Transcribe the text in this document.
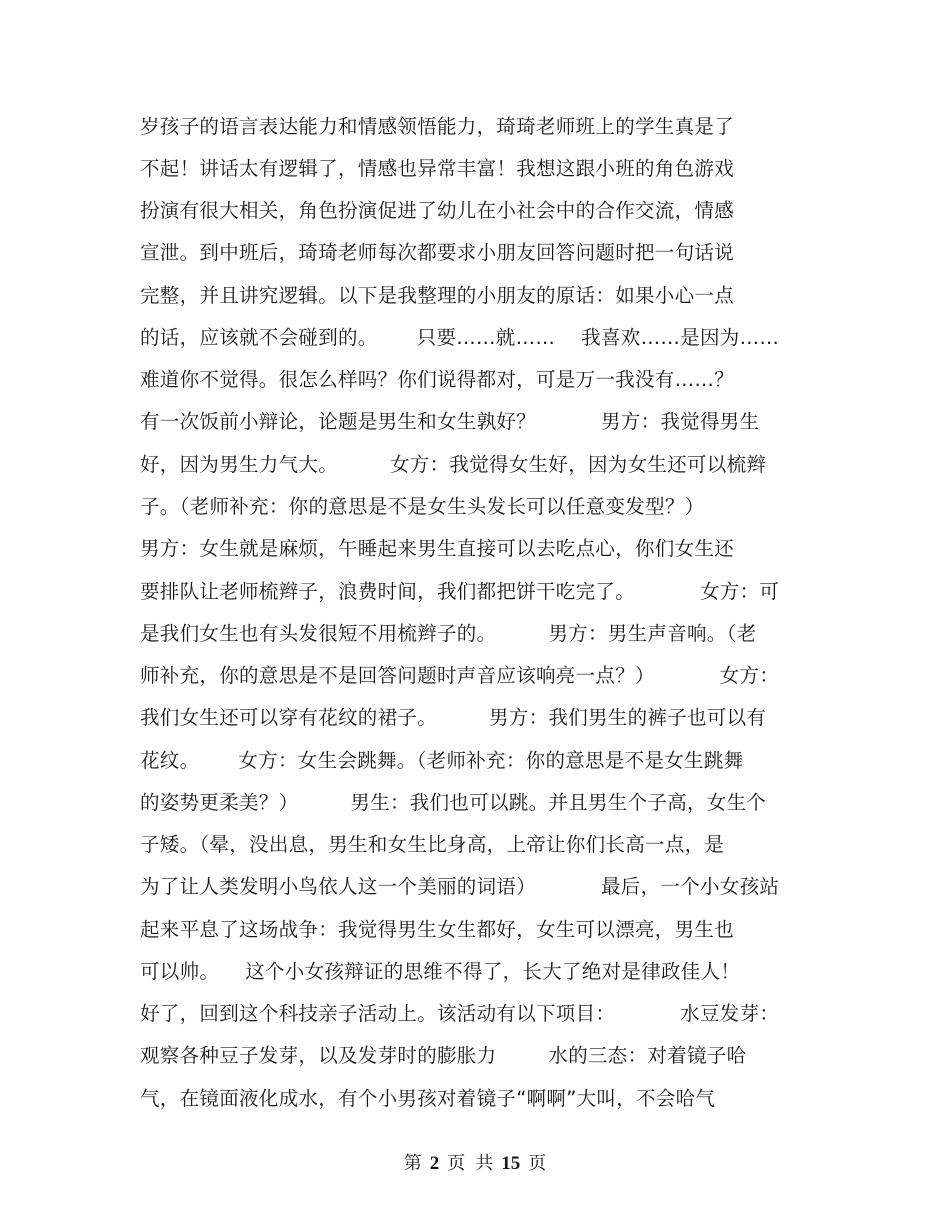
岁孩子的语言表达能力和情感领悟能力，琦琦老师班上的学生真是了
不起！讲话太有逻辑了，情感也异常丰富！我想这跟小班的角色游戏
扮演有很大相关，角色扮演促进了幼儿在小社会中的合作交流，情感
宣泄。到中班后，琦琦老师每次都要求小朋友回答问题时把一句话说
完整，并且讲究逻辑。以下是我整理的小朋友的原话：如果小心一点
的话，应该就不会碰到的。      只要……就……    我喜欢……是因为……
难道你不觉得。很怎么样吗？你们说得都对，可是万一我没有……？
有一次饭前小辩论，论题是男生和女生孰好？          男方：我觉得男生
好，因为男生力气大。        女方：我觉得女生好，因为女生还可以梳辫
子。（老师补充：你的意思是不是女生头发长可以任意变发型？）
男方：女生就是麻烦，午睡起来男生直接可以去吃点心，你们女生还
要排队让老师梳辫子，浪费时间，我们都把饼干吃完了。          女方：可
是我们女生也有头发很短不用梳辫子的。        男方：男生声音响。（老
师补充，你的意思是不是回答问题时声音应该响亮一点？）          女方：
我们女生还可以穿有花纹的裙子。        男方：我们男生的裤子也可以有
花纹。      女方：女生会跳舞。（老师补充：你的意思是不是女生跳舞
的姿势更柔美？）        男生：我们也可以跳。并且男生个子高，女生个
子矮。（晕，没出息，男生和女生比身高，上帝让你们长高一点，是
为了让人类发明小鸟依人这一个美丽的词语）          最后，一个小女孩站
起来平息了这场战争：我觉得男生女生都好，女生可以漂亮，男生也
可以帅。    这个小女孩辩证的思维不得了，长大了绝对是律政佳人！
好了，回到这个科技亲子活动上。该活动有以下项目：          水豆发芽：
观察各种豆子发芽，以及发芽时的膨胀力        水的三态：对着镜子哈
气，在镜面液化成水，有个小男孩对着镜子“啊啊”大叫，不会哈气
第 2 页 共 15 页
